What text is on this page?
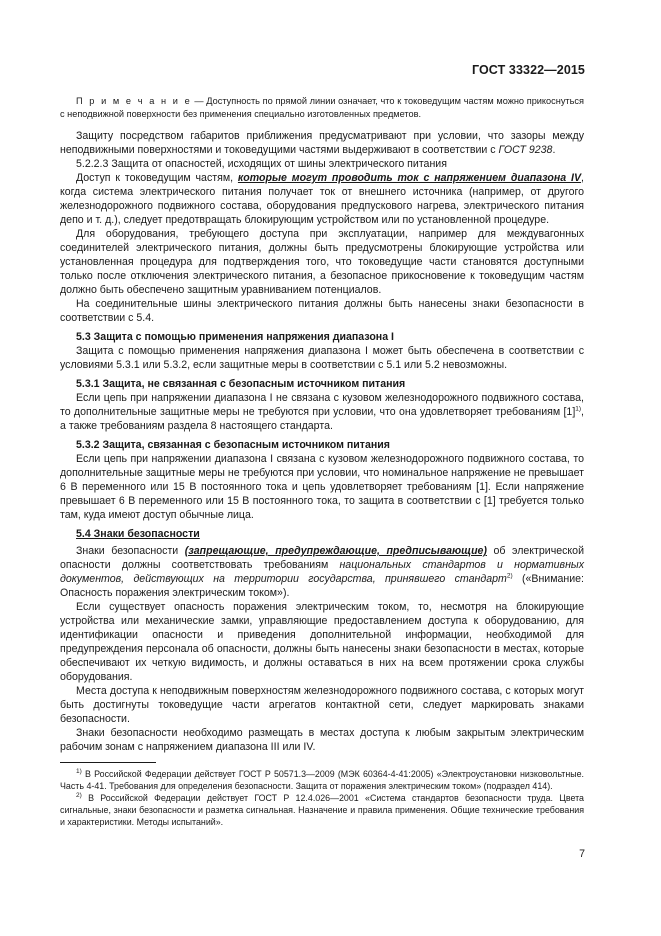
ГОСТ 33322—2015

П р и м е ч а н и е — Доступность по прямой линии означает, что к токоведущим частям можно прикоснуться с неподвижной поверхности без применения специально изготовленных предметов.

Защиту посредством габаритов приближения предусматривают при условии, что зазоры между неподвижными поверхностями и токоведущими частями выдерживают в соответствии с ГОСТ 9238.

5.2.2.3 Защита от опасностей, исходящих от шины электрического питания

Доступ к токоведущим частям, которые могут проводить ток с напряжением диапазона IV, когда система электрического питания получает ток от внешнего источника (например, от другого железнодорожного подвижного состава, оборудования предпускового нагрева, электрического питания депо и т. д.), следует предотвращать блокирующим устройством или по установленной процедуре.

Для оборудования, требующего доступа при эксплуатации, например для междувагонных соединителей электрического питания, должны быть предусмотрены блокирующие устройства или установленная процедура для подтверждения того, что токоведущие части становятся доступными только после отключения электрического питания, а безопасное прикосновение к токоведущим частям должно быть обеспечено защитным уравниванием потенциалов.

На соединительные шины электрического питания должны быть нанесены знаки безопасности в соответствии с 5.4.

5.3 Защита с помощью применения напряжения диапазона I

Защита с помощью применения напряжения диапазона I может быть обеспечена в соответствии с условиями 5.3.1 или 5.3.2, если защитные меры в соответствии с 5.1 или 5.2 невозможны.

5.3.1 Защита, не связанная с безопасным источником питания

Если цепь при напряжении диапазона I не связана с кузовом железнодорожного подвижного состава, то дополнительные защитные меры не требуются при условии, что она удовлетворяет требованиям $[1]^{1)}$, а также требованиям раздела 8 настоящего стандарта.

5.3.2 Защита, связанная с безопасным источником питания

Если цепь при напряжении диапазона I связана с кузовом железнодорожного подвижного состава, то дополнительные защитные меры не требуются при условии, что номинальное напряжение не превышает 6 В переменного или 15 В постоянного тока и цепь удовлетворяет требованиям [1]. Если напряжение превышает 6 В переменного или 15 В постоянного тока, то защита в соответствии с [1] требуется только там, куда имеют доступ обычные лица.

5.4 Знаки безопасности

Знаки безопасности (запрещающие, предупреждающие, предписывающие) об электрической опасности должны соответствовать требованиям национальных стандартов и нормативных документов, действующих на территории государства, принявшего стандарт$^{2)}$ («Внимание: Опасность поражения электрическим током»).

Если существует опасность поражения электрическим током, то, несмотря на блокирующие устройства или механические замки, управляющие предоставлением доступа к оборудованию, для идентификации опасности и приведения дополнительной информации, необходимой для предупреждения персонала об опасности, должны быть нанесены знаки безопасности в местах, которые обеспечивают их четкую видимость, и должны оставаться в них на всем протяжении срока службы оборудования.

Места доступа к неподвижным поверхностям железнодорожного подвижного состава, с которых могут быть достигнуты токоведущие части агрегатов контактной сети, следует маркировать знаками безопасности.

Знаки безопасности необходимо размещать в местах доступа к любым закрытым электрическим рабочим зонам с напряжением диапазона III или IV.

$^{1)}$ В Российской Федерации действует ГОСТ Р 50571.3—2009 (МЭК 60364-4-41:2005) «Электроустановки низковольтные. Часть 4-41. Требования для определения безопасности. Защита от поражения электрическим током» (подраздел 414).

$^{2)}$ В Российской Федерации действует ГОСТ Р 12.4.026—2001 «Система стандартов безопасности труда. Цвета сигнальные, знаки безопасности и разметка сигнальная. Назначение и правила применения. Общие технические требования и характеристики. Методы испытаний».

7
